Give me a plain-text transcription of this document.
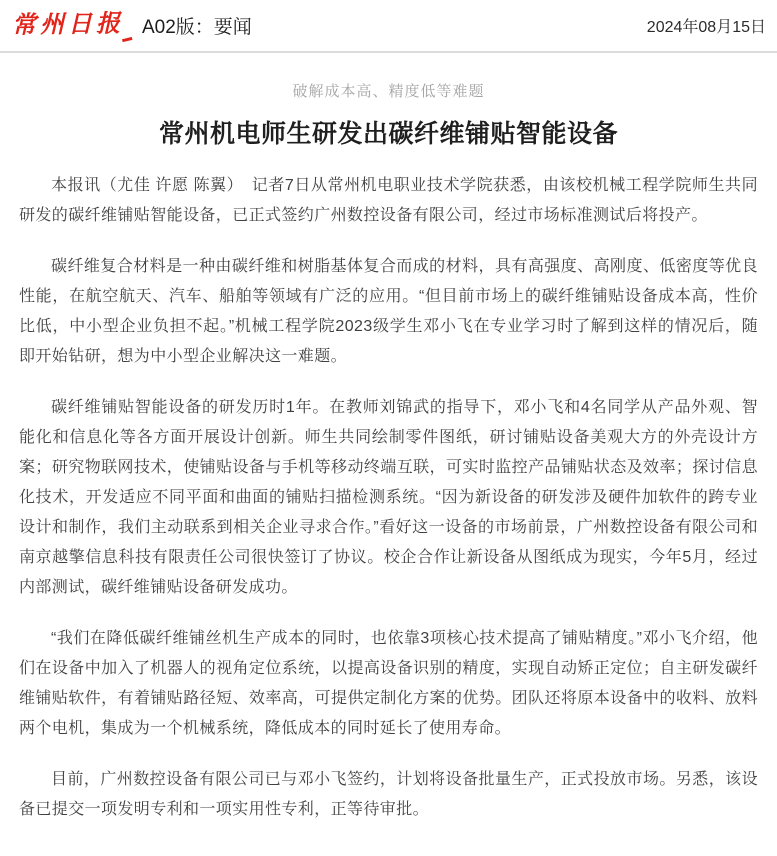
常州日报 A02版：要闻	2024年08月15日
破解成本高、精度低等难题
常州机电师生研发出碳纤维铺贴智能设备

本报讯（尤佳 许愿 陈翼）　记者7日从常州机电职业技术学院获悉，由该校机械工程学院师生共同研发的碳纤维铺贴智能设备，已正式签约广州数控设备有限公司，经过市场标准测试后将投产。

碳纤维复合材料是一种由碳纤维和树脂基体复合而成的材料，具有高强度、高刚度、低密度等优良性能，在航空航天、汽车、船舶等领域有广泛的应用。“但目前市场上的碳纤维铺贴设备成本高，性价比低，中小型企业负担不起。”机械工程学院2023级学生邓小飞在专业学习时了解到这样的情况后，随即开始钻研，想为中小型企业解决这一难题。

碳纤维铺贴智能设备的研发历时1年。在教师刘锦武的指导下，邓小飞和4名同学从产品外观、智能化和信息化等各方面开展设计创新。师生共同绘制零件图纸，研讨铺贴设备美观大方的外壳设计方案；研究物联网技术，使铺贴设备与手机等移动终端互联，可实时监控产品铺贴状态及效率；探讨信息化技术，开发适应不同平面和曲面的铺贴扫描检测系统。“因为新设备的研发涉及硬件加软件的跨专业设计和制作，我们主动联系到相关企业寻求合作。”看好这一设备的市场前景，广州数控设备有限公司和南京越擎信息科技有限责任公司很快签订了协议。校企合作让新设备从图纸成为现实，今年5月，经过内部测试，碳纤维铺贴设备研发成功。

“我们在降低碳纤维铺丝机生产成本的同时，也依靠3项核心技术提高了铺贴精度。”邓小飞介绍，他们在设备中加入了机器人的视角定位系统，以提高设备识别的精度，实现自动矫正定位；自主研发碳纤维铺贴软件，有着铺贴路径短、效率高，可提供定制化方案的优势。团队还将原本设备中的收料、放料两个电机，集成为一个机械系统，降低成本的同时延长了使用寿命。

目前，广州数控设备有限公司已与邓小飞签约，计划将设备批量生产，正式投放市场。另悉，该设备已提交一项发明专利和一项实用性专利，正等待审批。
